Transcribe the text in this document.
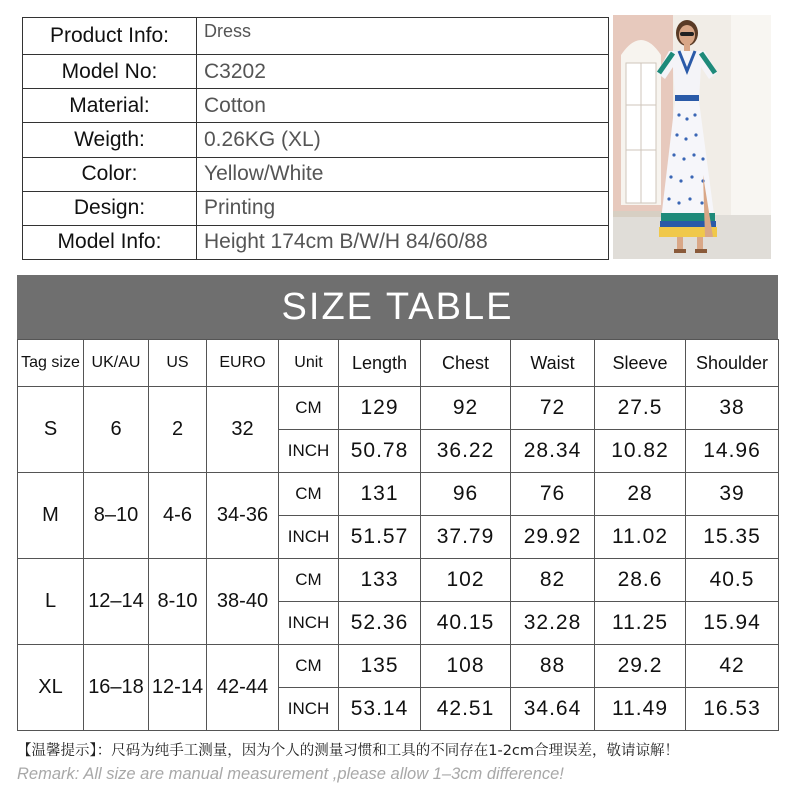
Product Info:	Dress
Model No:	C3202
Material:	Cotton
Weigth:	0.26KG (XL)
Color:	Yellow/White
Design:	Printing
Model Info:	Height 174cm B/W/H 84/60/88
SIZE TABLE
Tag size	UK/AU	US	EURO	Unit	Length	Chest	Waist	Sleeve	Shoulder
S	6	2	32	CM	129	92	72	27.5	38
				INCH	50.78	36.22	28.34	10.82	14.96
M	8–10	4-6	34-36	CM	131	96	76	28	39
				INCH	51.57	37.79	29.92	11.02	15.35
L	12–14	8-10	38-40	CM	133	102	82	28.6	40.5
				INCH	52.36	40.15	32.28	11.25	15.94
XL	16–18	12-14	42-44	CM	135	108	88	29.2	42
				INCH	53.14	42.51	34.64	11.49	16.53
【温馨提示】：尺码为纯手工测量，因为个人的测量习惯和工具的不同存在1-2cm合理误差，敬请谅解！
Remark: All size are manual measurement ,please allow 1–3cm difference!
